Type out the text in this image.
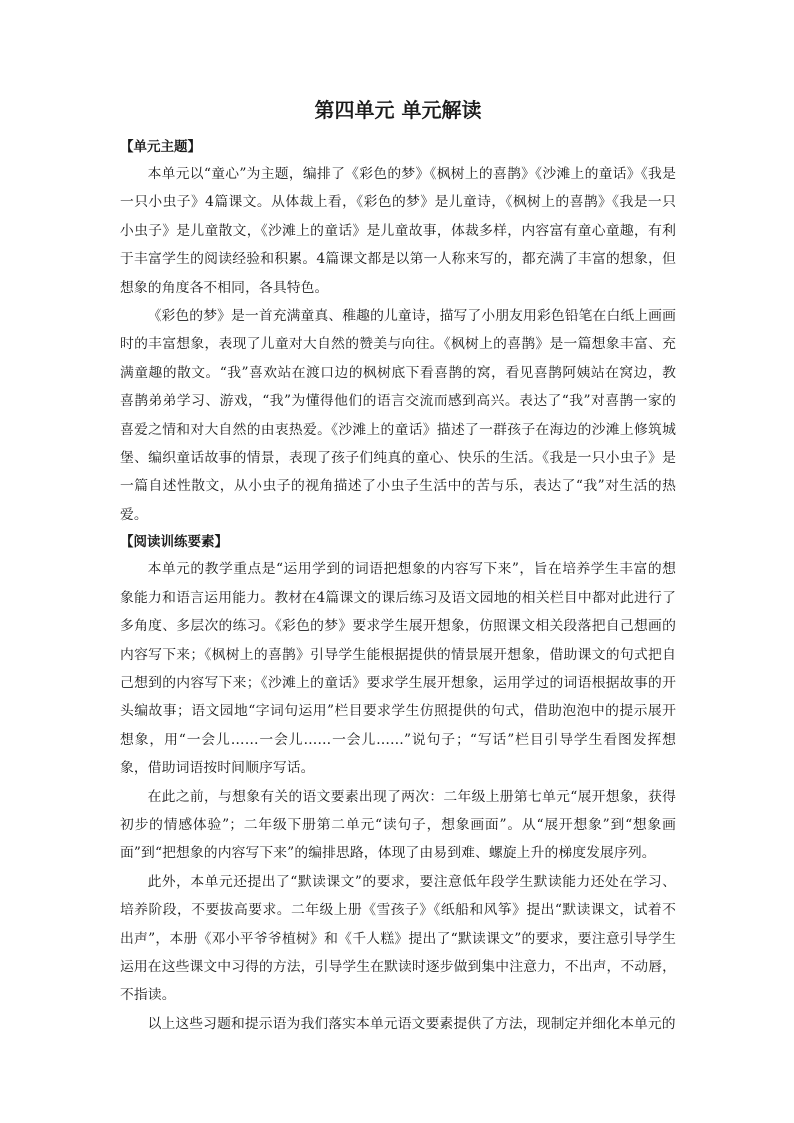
第四单元 单元解读

【单元主题】

本单元以“童心”为主题，编排了《彩色的梦》《枫树上的喜鹊》《沙滩上的童话》《我是一只小虫子》4篇课文。从体裁上看，《彩色的梦》是儿童诗，《枫树上的喜鹊》《我是一只小虫子》是儿童散文，《沙滩上的童话》是儿童故事，体裁多样，内容富有童心童趣，有利于丰富学生的阅读经验和积累。4篇课文都是以第一人称来写的，都充满了丰富的想象，但想象的角度各不相同，各具特色。

《彩色的梦》是一首充满童真、稚趣的儿童诗，描写了小朋友用彩色铅笔在白纸上画画时的丰富想象，表现了儿童对大自然的赞美与向往。《枫树上的喜鹊》是一篇想象丰富、充满童趣的散文。“我”喜欢站在渡口边的枫树底下看喜鹊的窝，看见喜鹊阿姨站在窝边，教喜鹊弟弟学习、游戏，“我”为懂得他们的语言交流而感到高兴。表达了“我”对喜鹊一家的喜爱之情和对大自然的由衷热爱。《沙滩上的童话》描述了一群孩子在海边的沙滩上修筑城堡、编织童话故事的情景，表现了孩子们纯真的童心、快乐的生活。《我是一只小虫子》是一篇自述性散文，从小虫子的视角描述了小虫子生活中的苦与乐，表达了“我”对生活的热爱。

【阅读训练要素】

本单元的教学重点是“运用学到的词语把想象的内容写下来”，旨在培养学生丰富的想象能力和语言运用能力。教材在4篇课文的课后练习及语文园地的相关栏目中都对此进行了多角度、多层次的练习。《彩色的梦》要求学生展开想象，仿照课文相关段落把自己想画的内容写下来；《枫树上的喜鹊》引导学生能根据提供的情景展开想象，借助课文的句式把自己想到的内容写下来；《沙滩上的童话》要求学生展开想象，运用学过的词语根据故事的开头编故事；语文园地“字词句运用”栏目要求学生仿照提供的句式，借助泡泡中的提示展开想象，用“一会儿……一会儿……一会儿……”说句子；“写话”栏目引导学生看图发挥想象，借助词语按时间顺序写话。

在此之前，与想象有关的语文要素出现了两次：二年级上册第七单元“展开想象，获得初步的情感体验”；二年级下册第二单元“读句子，想象画面”。从“展开想象”到“想象画面”到“把想象的内容写下来”的编排思路，体现了由易到难、螺旋上升的梯度发展序列。

此外，本单元还提出了“默读课文”的要求，要注意低年段学生默读能力还处在学习、培养阶段，不要拔高要求。二年级上册《雪孩子》《纸船和风筝》提出“默读课文，试着不出声”，本册《邓小平爷爷植树》和《千人糕》提出了“默读课文”的要求，要注意引导学生运用在这些课文中习得的方法，引导学生在默读时逐步做到集中注意力，不出声，不动唇，不指读。

以上这些习题和提示语为我们落实本单元语文要素提供了方法，现制定并细化本单元的
